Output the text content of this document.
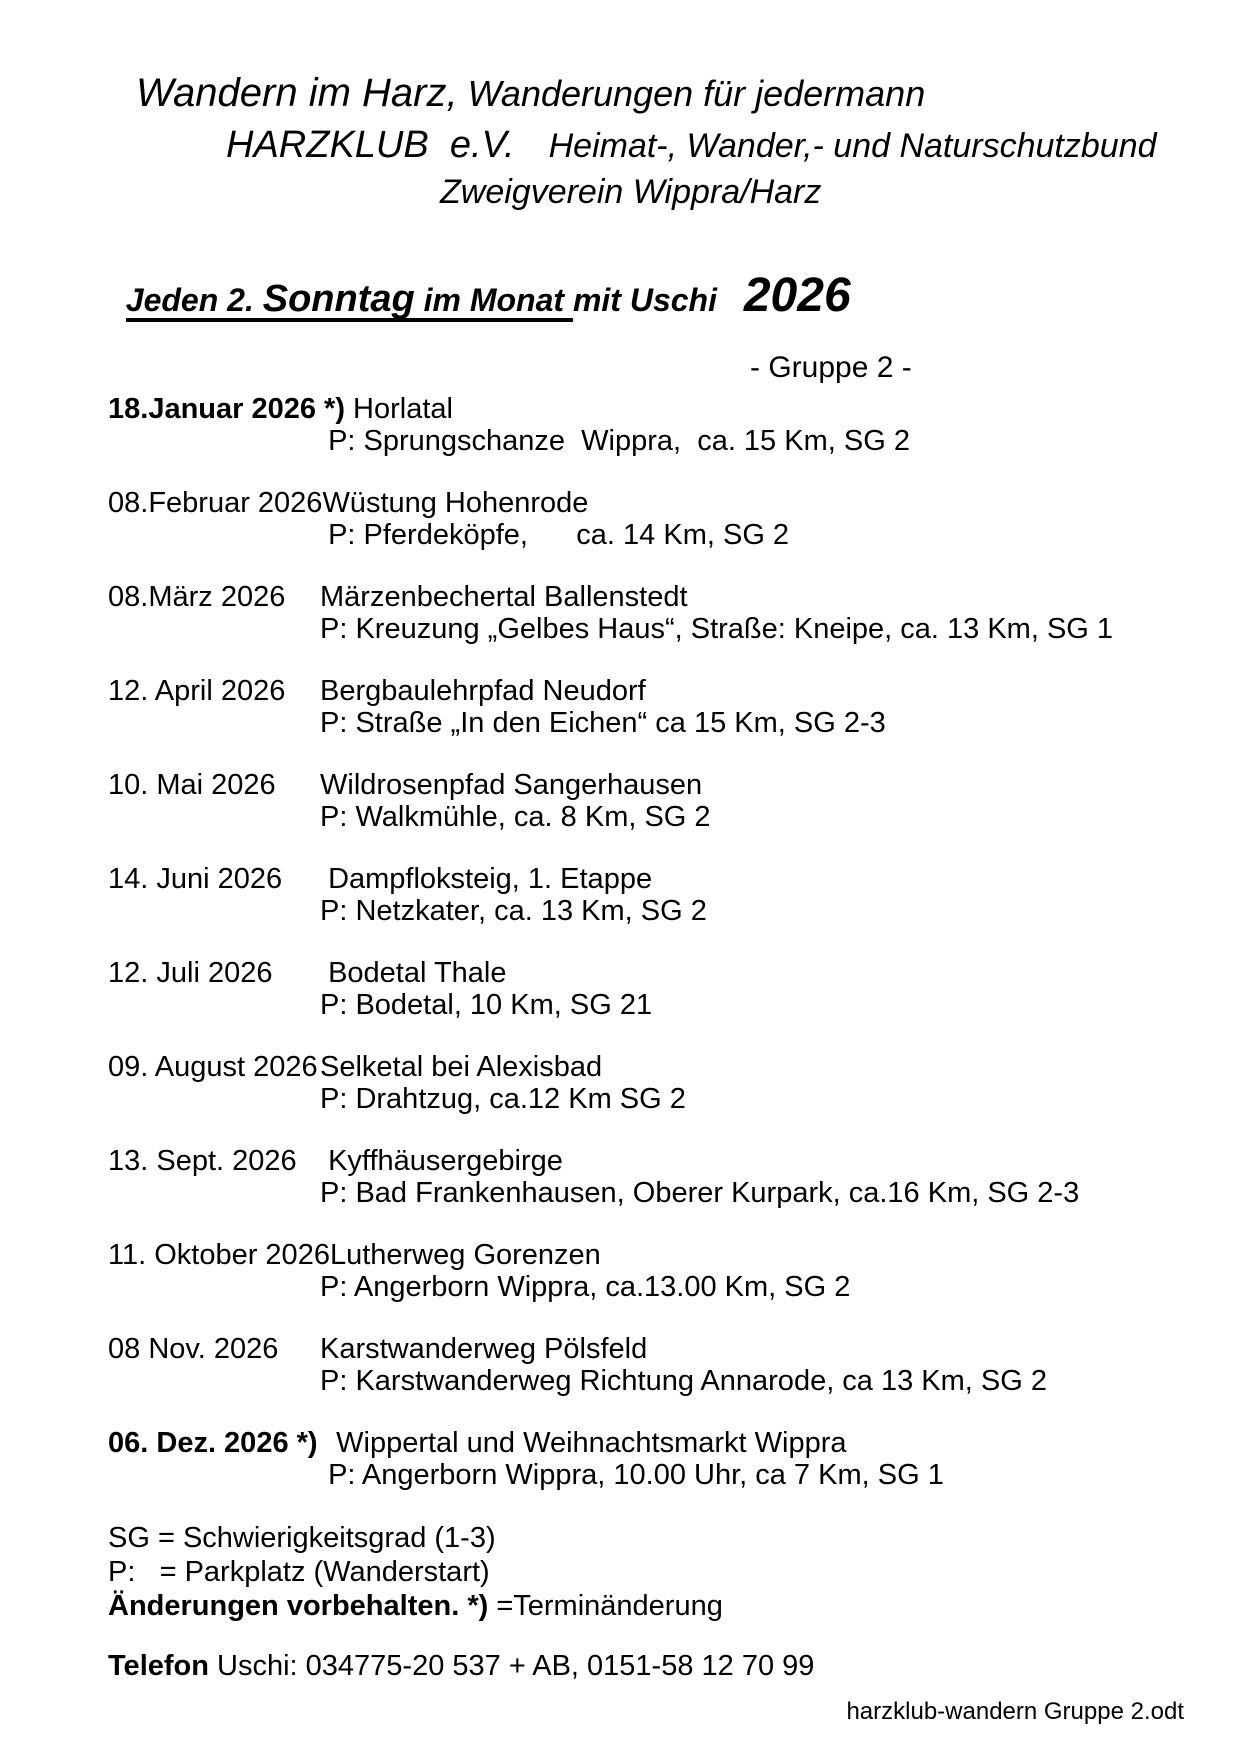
Wandern im Harz, Wanderungen für jedermann
HARZKLUB  e.V. Heimat-, Wander,- und Naturschutzbund
Zweigverein Wippra/Harz

Jeden 2. Sonntag im Monat mit Uschi 2026

- Gruppe 2 -
18.Januar 2026 *) Horlatal
P: Sprungschanze  Wippra,  ca. 15 Km, SG 2
08.Februar 2026 Wüstung Hohenrode
P: Pferdeköpfe,      ca. 14 Km, SG 2
08.März 2026	Märzenbechertal Ballenstedt
P: Kreuzung „Gelbes Haus“, Straße: Kneipe, ca. 13 Km, SG 1
12. April 2026	Bergbaulehrpfad Neudorf
P: Straße „In den Eichen“ ca 15 Km, SG 2-3
10. Mai 2026	Wildrosenpfad Sangerhausen
P: Walkmühle, ca. 8 Km, SG 2
14. Juni 2026	Dampfloksteig, 1. Etappe
P: Netzkater, ca. 13 Km, SG 2
12. Juli 2026	Bodetal Thale
P: Bodetal, 10 Km, SG 21
09. August 2026 Selketal bei Alexisbad
P: Drahtzug, ca.12 Km SG 2
13. Sept. 2026 Kyffhäusergebirge
P: Bad Frankenhausen, Oberer Kurpark, ca.16 Km, SG 2-3
11. Oktober 2026 Lutherweg Gorenzen
P: Angerborn Wippra, ca.13.00 Km, SG 2
08 Nov. 2026	Karstwanderweg Pölsfeld
P: Karstwanderweg Richtung Annarode, ca 13 Km, SG 2
06. Dez. 2026 *) Wippertal und Weihnachtsmarkt Wippra
P: Angerborn Wippra, 10.00 Uhr, ca 7 Km, SG 1
SG = Schwierigkeitsgrad (1-3)
P:   = Parkplatz (Wanderstart)
Änderungen vorbehalten. *) =Terminänderung
Telefon Uschi: 034775-20 537 + AB, 0151-58 12 70 99
harzklub-wandern Gruppe 2.odt
